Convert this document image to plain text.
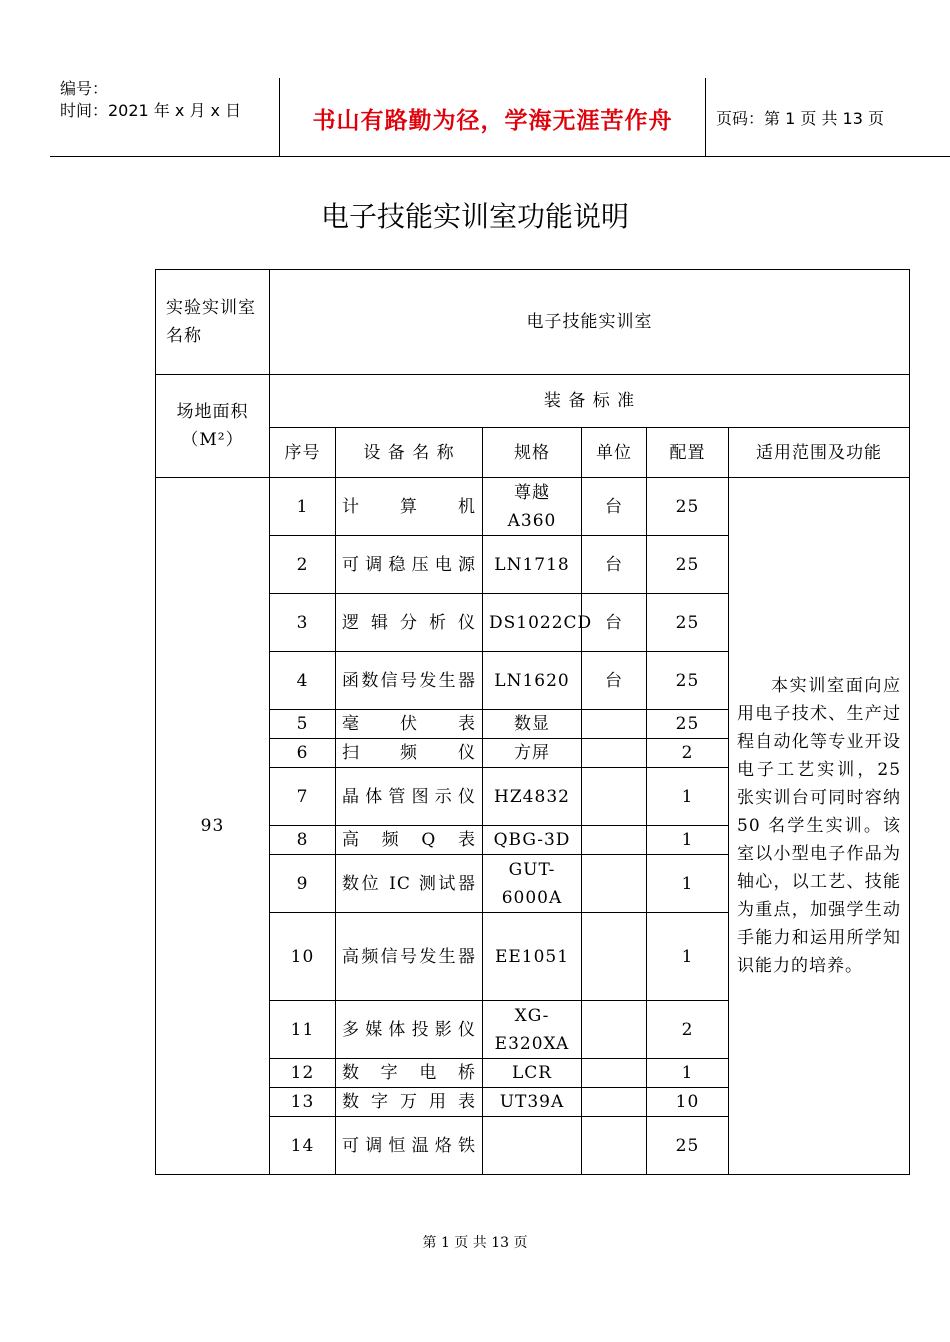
编号：
时间：2021 年 x 月 x 日	书山有路勤为径，学海无涯苦作舟	页码：第 1 页 共 13 页
电子技能实训室功能说明
实验实训室名称	电子技能实训室					
场地面积（M²）	装 备 标 准					
	序号	设 备 名 称	规格	单位	配置	适用范围及功能
93	1	计算机	尊越 A360	台	25	本实训室面向应用电子技术、生产过程自动化等专业开设电子工艺实训，25 张实训台可同时容纳 50 名学生实训。该室以小型电子作品为轴心，以工艺、技能为重点，加强学生动手能力和运用所学知识能力的培养。
	2	可调稳压电源	LN1718	台	25	
	3	逻辑分析仪	DS1022CD	台	25	
	4	函数信号发生器	LN1620	台	25	
	5	毫伏表	数显		25	
	6	扫频仪	方屏		2	
	7	晶体管图示仪	HZ4832		1	
	8	高频Q表	QBG-3D		1	
	9	数位 IC 测试器	GUT-6000A		1	
	10	高频信号发生器	EE1051		1	
	11	多媒体投影仪	XG-E320XA		2	
	12	数字电桥	LCR		1	
	13	数字万用表	UT39A		10	
	14	可调恒温烙铁			25	
第 1 页 共 13 页
